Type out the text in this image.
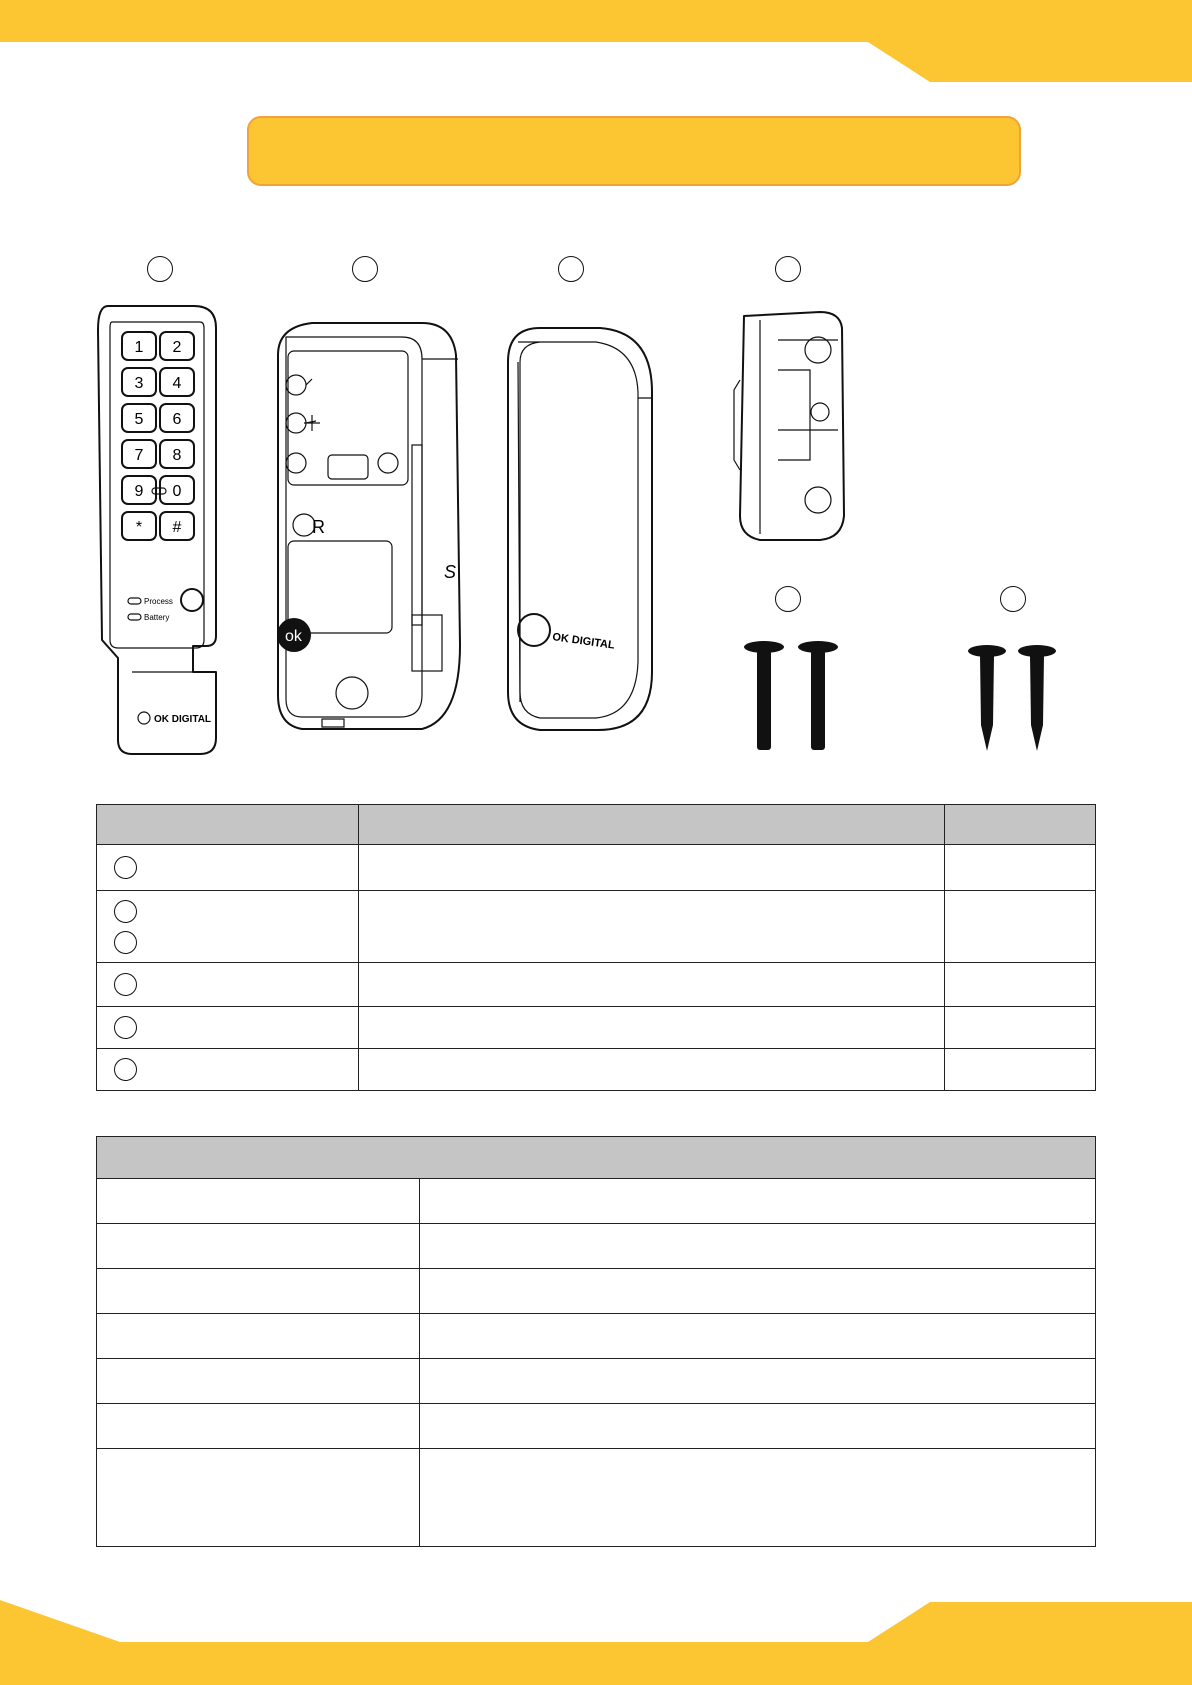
1 2
3 4
5 6
7 8
9 0
* #
Process
Battery
OK DIGITAL
R
S
ok	OK DIGITAL
